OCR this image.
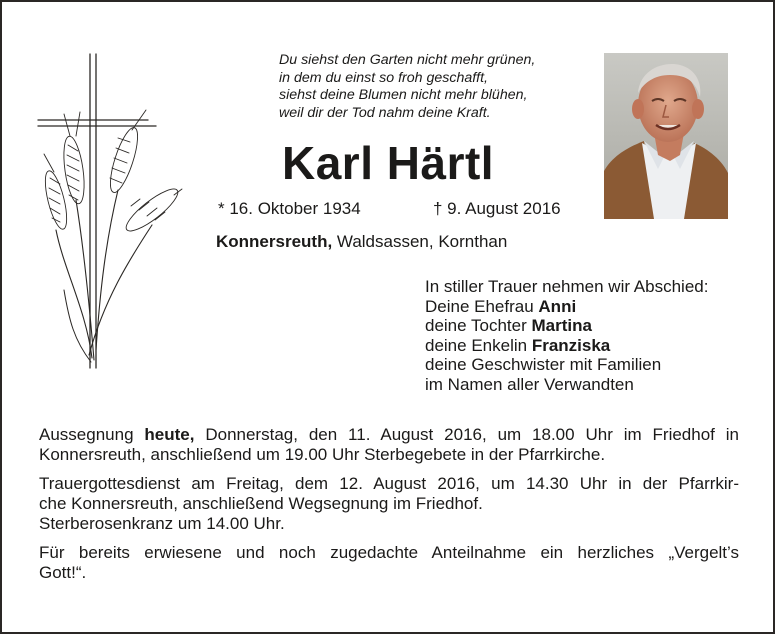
Du siehst den Garten nicht mehr grünen,
in dem du einst so froh geschafft,
siehst deine Blumen nicht mehr blühen,
weil dir der Tod nahm deine Kraft.
Karl Härtl
* 16. Oktober 1934	† 9. August 2016
Konnersreuth, Waldsassen, Kornthan
In stiller Trauer nehmen wir Abschied:
Deine Ehefrau Anni
deine Tochter Martina
deine Enkelin Franziska
deine Geschwister mit Familien
im Namen aller Verwandten

Aussegnung heute, Donnerstag, den 11. August 2016, um 18.00 Uhr im Friedhof in
Konnersreuth, anschließend um 19.00 Uhr Sterbegebete in der Pfarrkirche.

Trauergottesdienst am Freitag, dem 12. August 2016, um 14.30 Uhr in der Pfarrkir-
che Konnersreuth, anschließend Wegsegnung im Friedhof.
Sterberosenkranz um 14.00 Uhr.

Für bereits erwiesene und noch zugedachte Anteilnahme ein herzliches „Vergelt’s
Gott!“.
